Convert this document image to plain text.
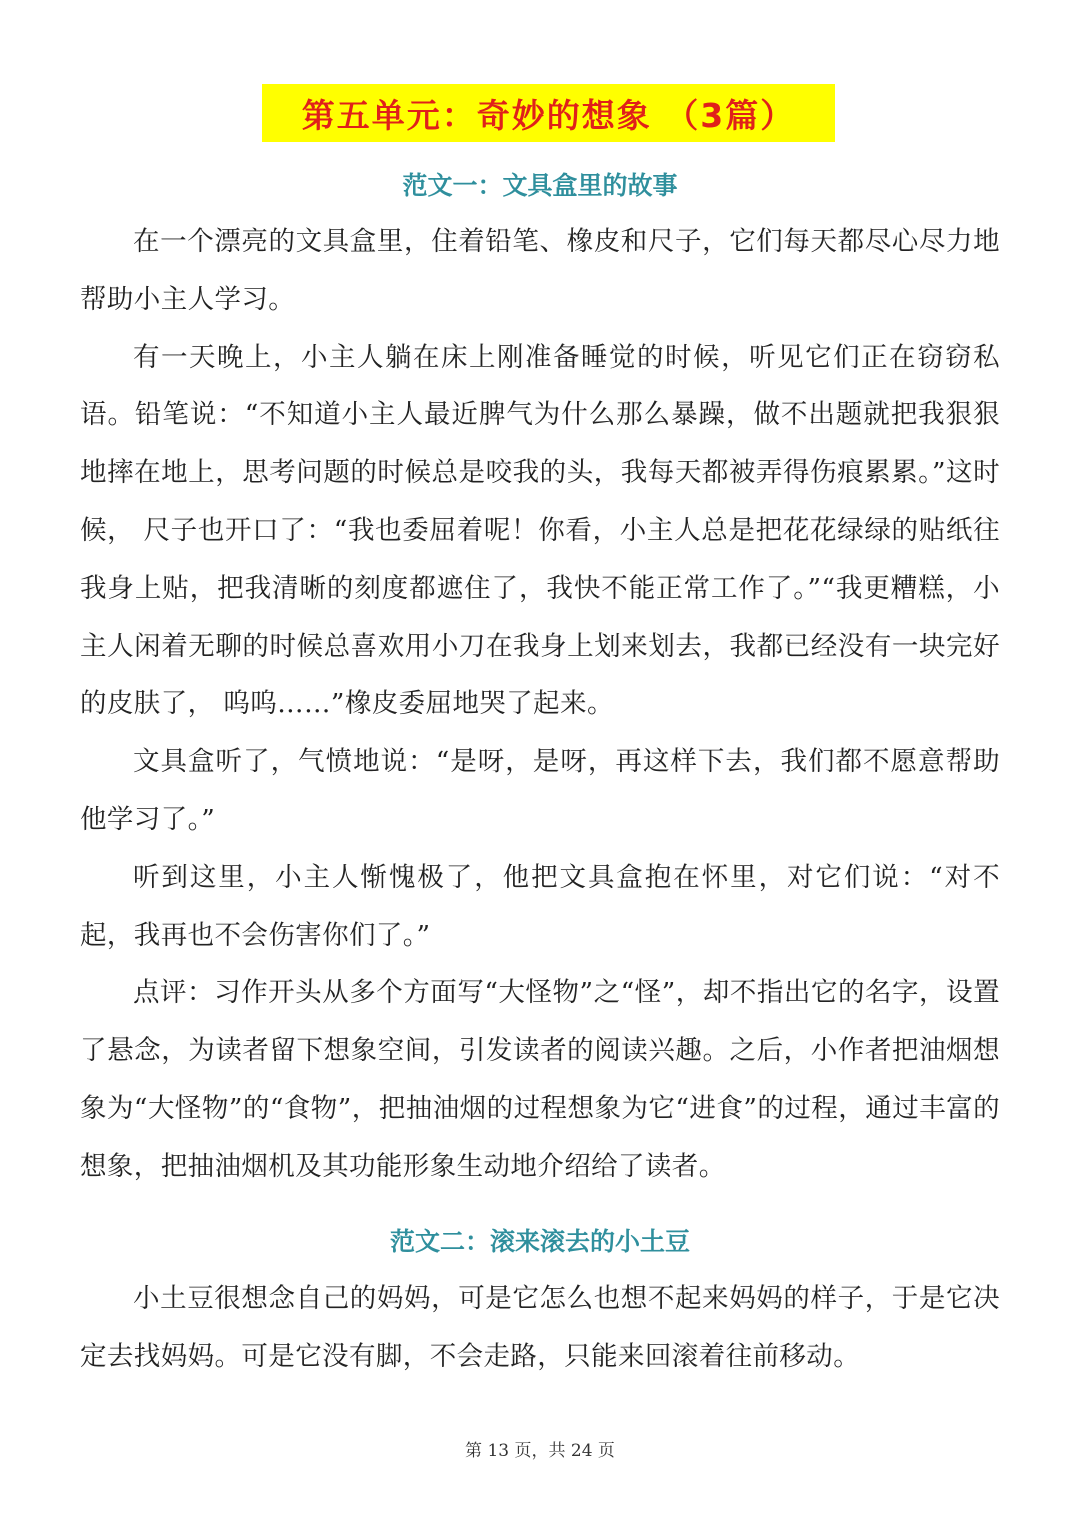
第五单元：奇妙的想象 （3篇）
范文一：文具盒里的故事

在一个漂亮的文具盒里，住着铅笔、橡皮和尺子，它们每天都尽心尽力地帮助小主人学习。

有一天晚上，小主人躺在床上刚准备睡觉的时候，听见它们正在窃窃私语。铅笔说：“不知道小主人最近脾气为什么那么暴躁，做不出题就把我狠狠地摔在地上，思考问题的时候总是咬我的头，我每天都被弄得伤痕累累。”这时候， 尺子也开口了：“我也委屈着呢！你看，小主人总是把花花绿绿的贴纸往我身上贴，把我清晰的刻度都遮住了，我快不能正常工作了。”“我更糟糕，小主人闲着无聊的时候总喜欢用小刀在我身上划来划去，我都已经没有一块完好的皮肤了， 呜呜……”橡皮委屈地哭了起来。

文具盒听了，气愤地说：“是呀，是呀，再这样下去，我们都不愿意帮助他学习了。”

听到这里，小主人惭愧极了，他把文具盒抱在怀里，对它们说：“对不起，我再也不会伤害你们了。”

点评：习作开头从多个方面写“大怪物”之“怪”，却不指出它的名字，设置了悬念，为读者留下想象空间，引发读者的阅读兴趣。之后，小作者把油烟想象为“大怪物”的“食物”，把抽油烟的过程想象为它“进食”的过程，通过丰富的想象，把抽油烟机及其功能形象生动地介绍给了读者。

范文二：滚来滚去的小土豆

小土豆很想念自己的妈妈，可是它怎么也想不起来妈妈的样子，于是它决定去找妈妈。可是它没有脚，不会走路，只能来回滚着往前移动。

第 13 页，共 24 页
